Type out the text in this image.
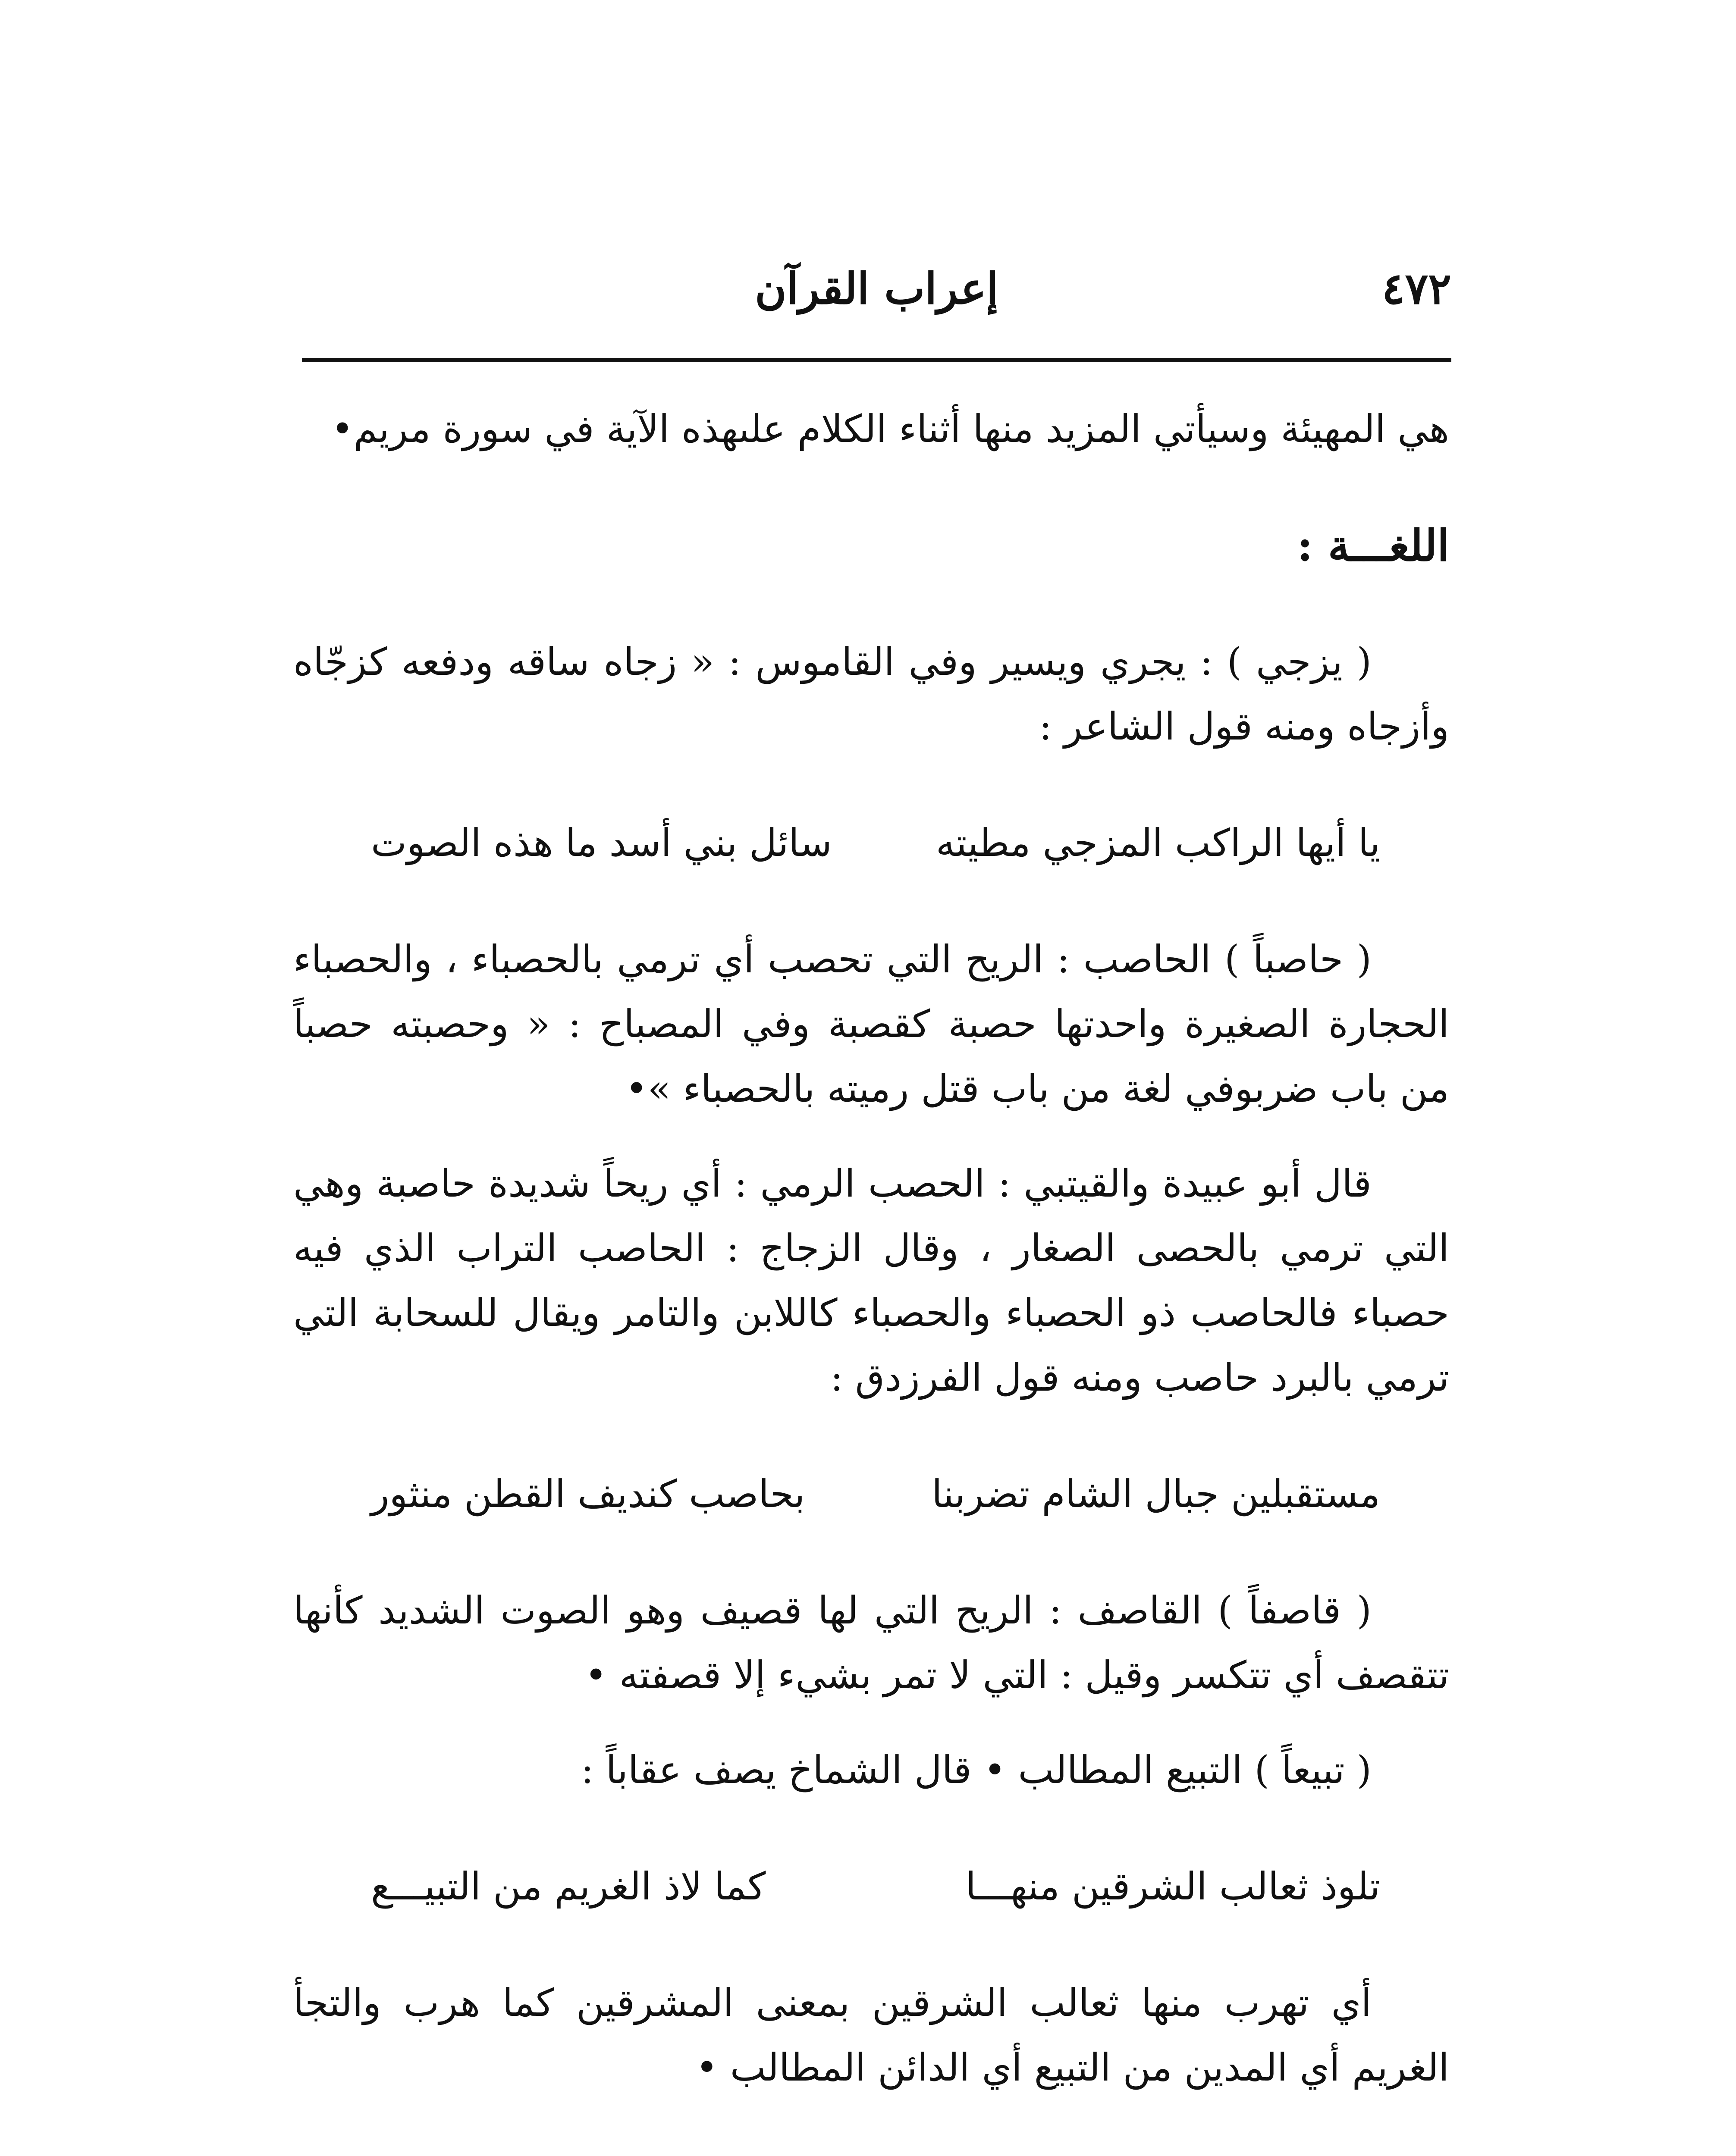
٤٧٢
إعراب القرآن

هي المهيئة وسيأتي المزيد منها أثناء الكلام علىهذه الآية في سورة مريم•

اللغـــة :

( يزجي ) : يجري ويسير وفي القاموس : « زجاه ساقه ودفعه كزجّاه وأزجاه ومنه قول الشاعر :

يا أيها الراكب المزجي مطيته
سائل بني أسد ما هذه الصوت

( حاصباً ) الحاصب : الريح التي تحصب أي ترمي بالحصباء ، والحصباء الحجارة الصغيرة واحدتها حصبة كقصبة وفي المصباح : « وحصبته حصباً من باب ضربوفي لغة من باب قتل رميته بالحصباء »•

قال أبو عبيدة والقيتبي : الحصب الرمي : أي ريحاً شديدة حاصبة وهي التي ترمي بالحصى الصغار ، وقال الزجاج : الحاصب التراب الذي فيه حصباء فالحاصب ذو الحصباء والحصباء كاللابن والتامر ويقال للسحابة التي ترمي بالبرد حاصب ومنه قول الفرزدق :

مستقبلين جبال الشام تضربنا
بحاصب كنديف القطن منثور

( قاصفاً ) القاصف : الريح التي لها قصيف وهو الصوت الشديد كأنها تتقصف أي تتكسر وقيل : التي لا تمر بشيء إلا قصفته •

( تبيعاً ) التبيع المطالب • قال الشماخ يصف عقاباً :

تلوذ ثعالب الشرقين منهـــا
كما لاذ الغريم من التبيـــع

أي تهرب منها ثعالب الشرقين بمعنى المشرقين كما هرب والتجأ الغريم أي المدين من التبيع أي الدائن المطالب •
